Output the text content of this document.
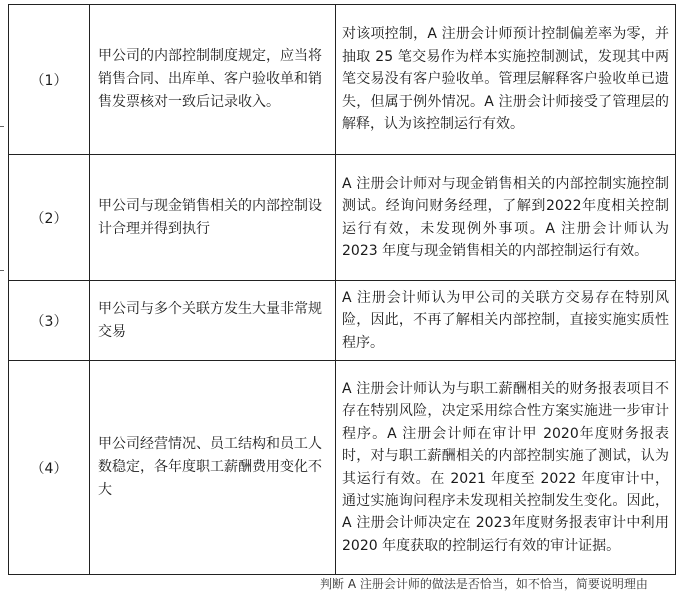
（1）	甲公司的内部控制制度规定，应当将销售合同、出库单、客户验收单和销售发票核对一致后记录收入。	对该项控制，A 注册会计师预计控制偏差率为零，并抽取 25 笔交易作为样本实施控制测试，发现其中两笔交易没有客户验收单。管理层解释客户验收单已遗失，但属于例外情况。A 注册会计师接受了管理层的解释，认为该控制运行有效。

（2）	甲公司与现金销售相关的内部控制设计合理并得到执行	A 注册会计师对与现金销售相关的内部控制实施控制测试。经询问财务经理，了解到2022年度相关控制运行有效，未发现例外事项。A 注册会计师认为 2023 年度与现金销售相关的内部控制运行有效。

（3）	甲公司与多个关联方发生大量非常规交易	A 注册会计师认为甲公司的关联方交易存在特别风险，因此，不再了解相关内部控制，直接实施实质性程序。

（4）	甲公司经营情况、员工结构和员工人数稳定，各年度职工薪酬费用变化不大	A 注册会计师认为与职工薪酬相关的财务报表项目不存在特别风险，决定采用综合性方案实施进一步审计程序。A 注册会计师在审计甲 2020年度财务报表时，对与职工薪酬相关的内部控制实施了测试，认为其运行有效。在 2021 年度至 2022 年度审计中，通过实施询问程序未发现相关控制发生变化。因此，A 注册会计师决定在 2023年度财务报表审计中利用 2020 年度获取的控制运行有效的审计证据。
判断 A 注册会计师的做法是否恰当，如不恰当，简要说明理由
